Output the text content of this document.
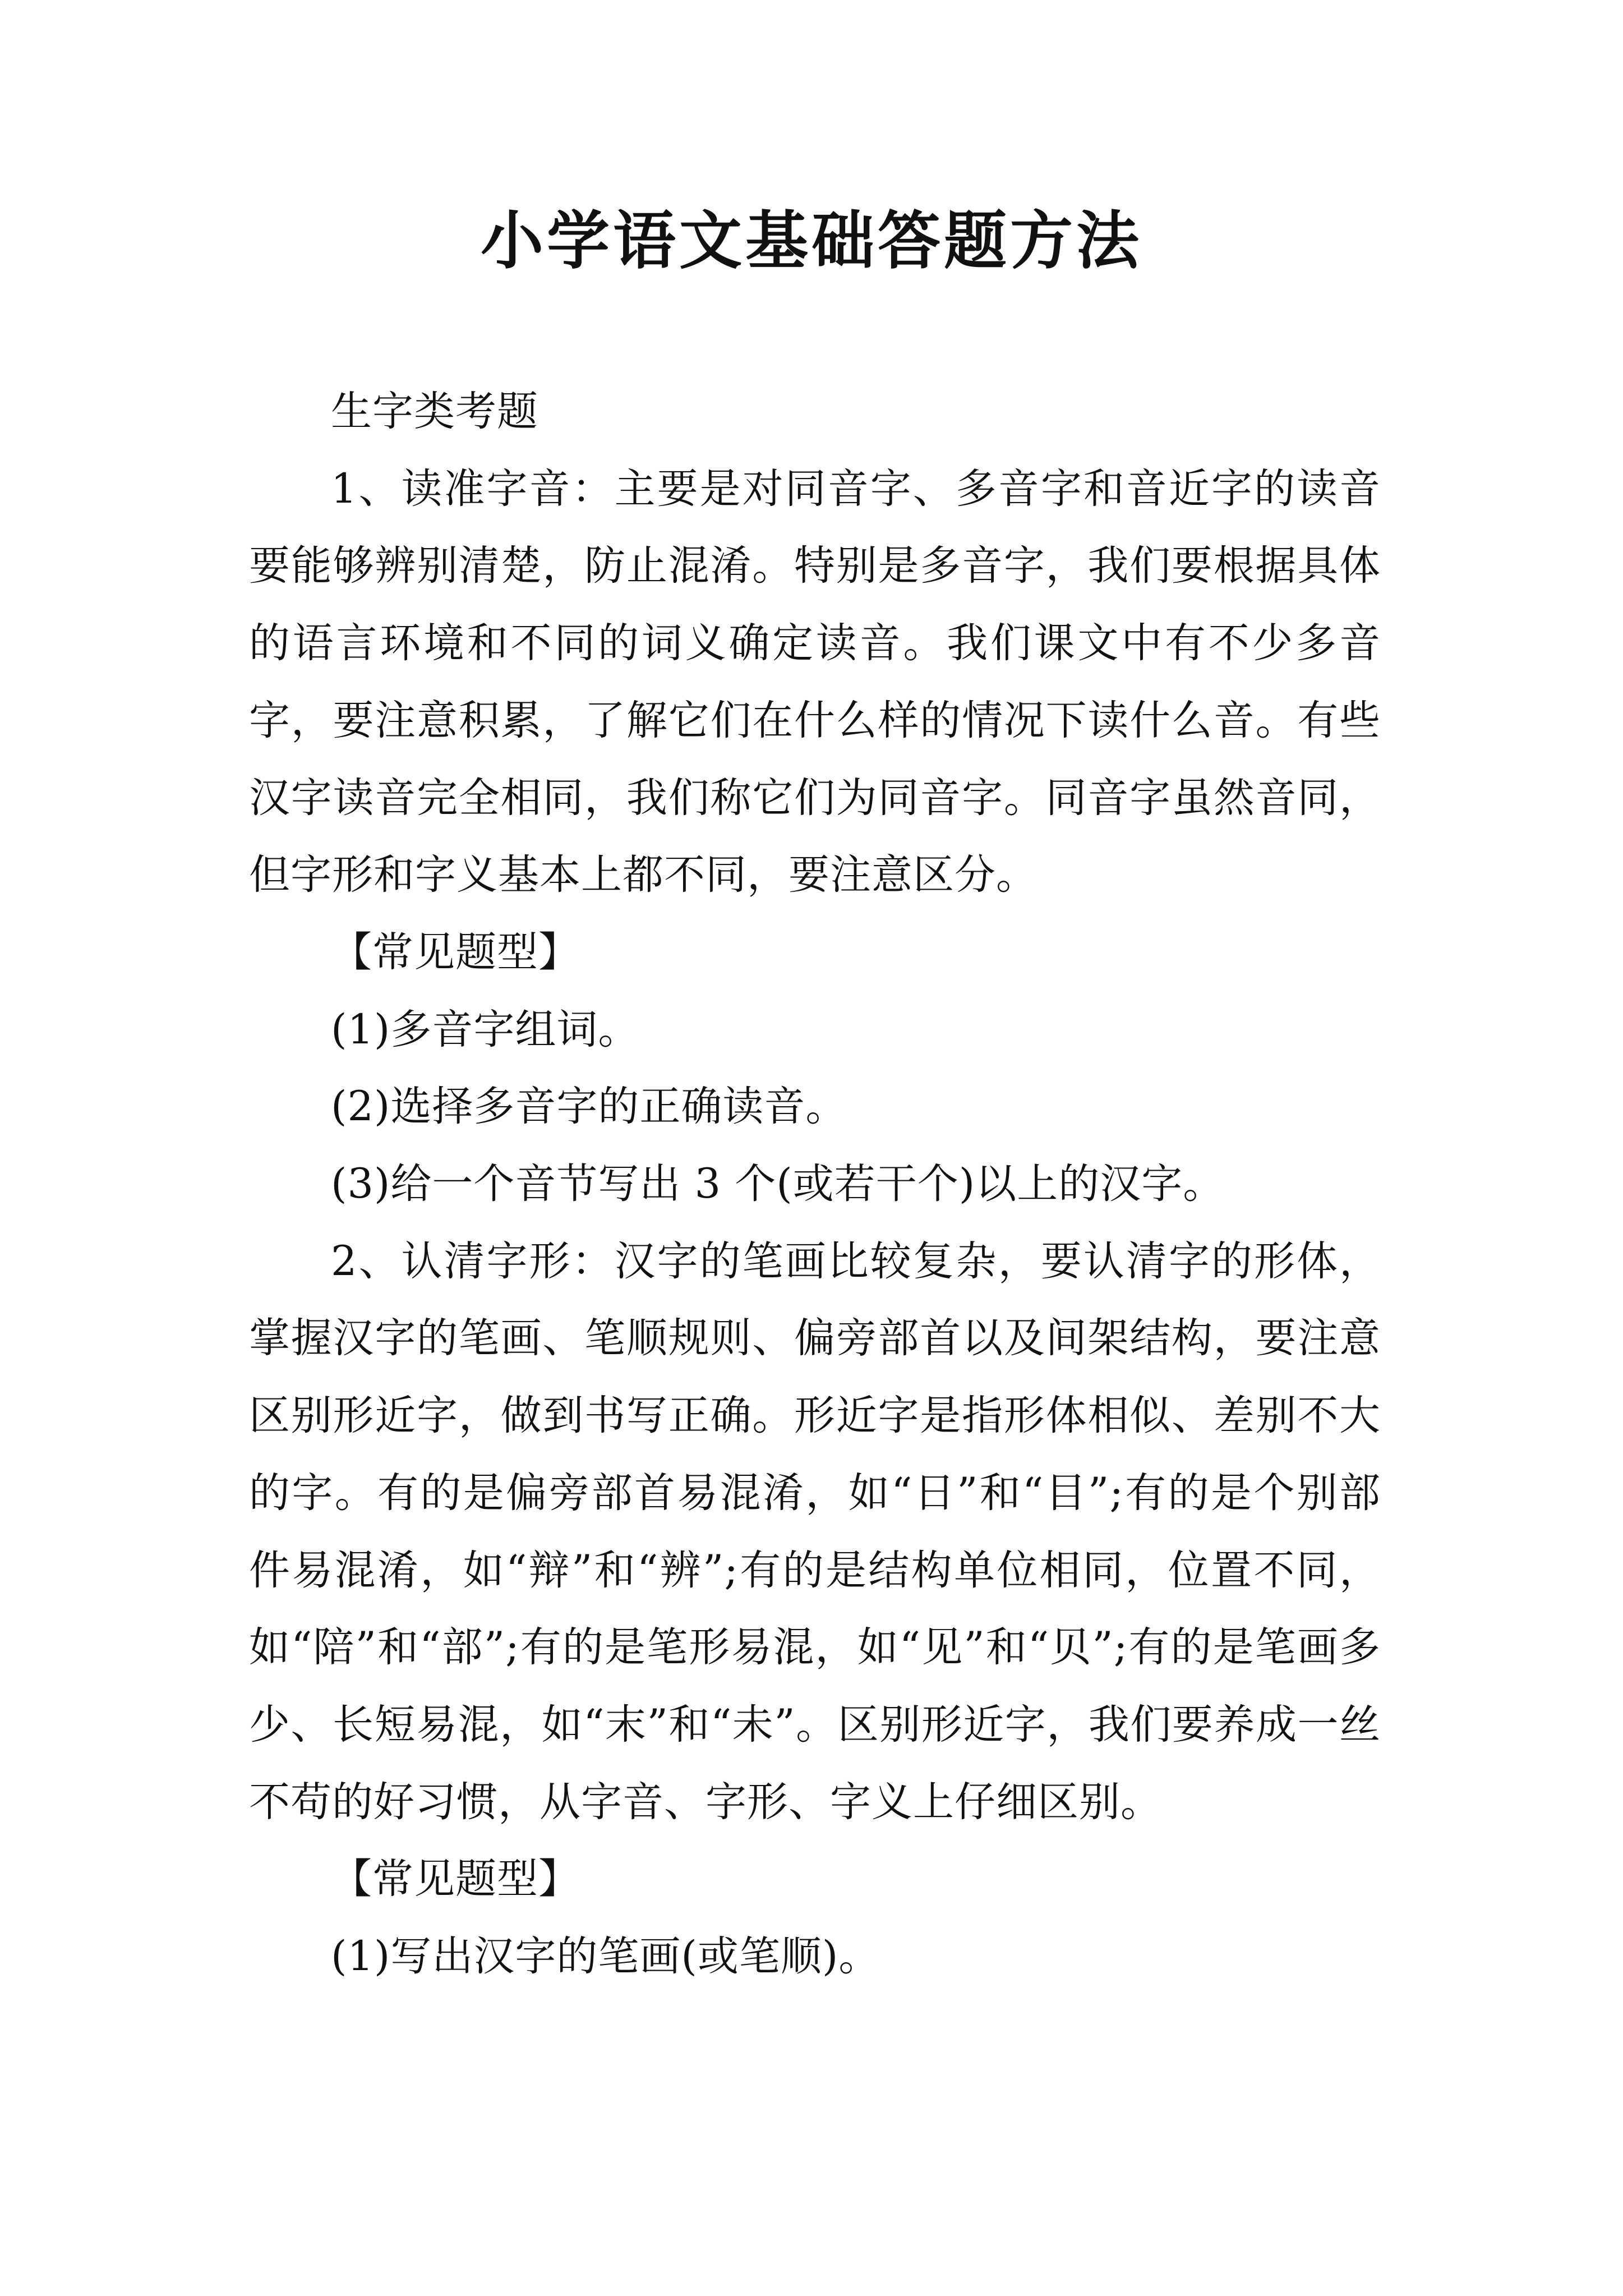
小学语文基础答题方法

生字类考题

1、读准字音：主要是对同音字、多音字和音近字的读音要能够辨别清楚，防止混淆。特别是多音字，我们要根据具体的语言环境和不同的词义确定读音。我们课文中有不少多音字，要注意积累，了解它们在什么样的情况下读什么音。有些汉字读音完全相同，我们称它们为同音字。同音字虽然音同，但字形和字义基本上都不同，要注意区分。

【常见题型】

(1)多音字组词。

(2)选择多音字的正确读音。

(3)给一个音节写出 3 个(或若干个)以上的汉字。

2、认清字形：汉字的笔画比较复杂，要认清字的形体，掌握汉字的笔画、笔顺规则、偏旁部首以及间架结构，要注意区别形近字，做到书写正确。形近字是指形体相似、差别不大的字。有的是偏旁部首易混淆，如“日”和“目”;有的是个别部件易混淆，如“辩”和“辨”;有的是结构单位相同，位置不同，如“陪”和“部”;有的是笔形易混，如“见”和“贝”;有的是笔画多少、长短易混，如“末”和“未”。区别形近字，我们要养成一丝不苟的好习惯，从字音、字形、字义上仔细区别。

【常见题型】

(1)写出汉字的笔画(或笔顺)。
